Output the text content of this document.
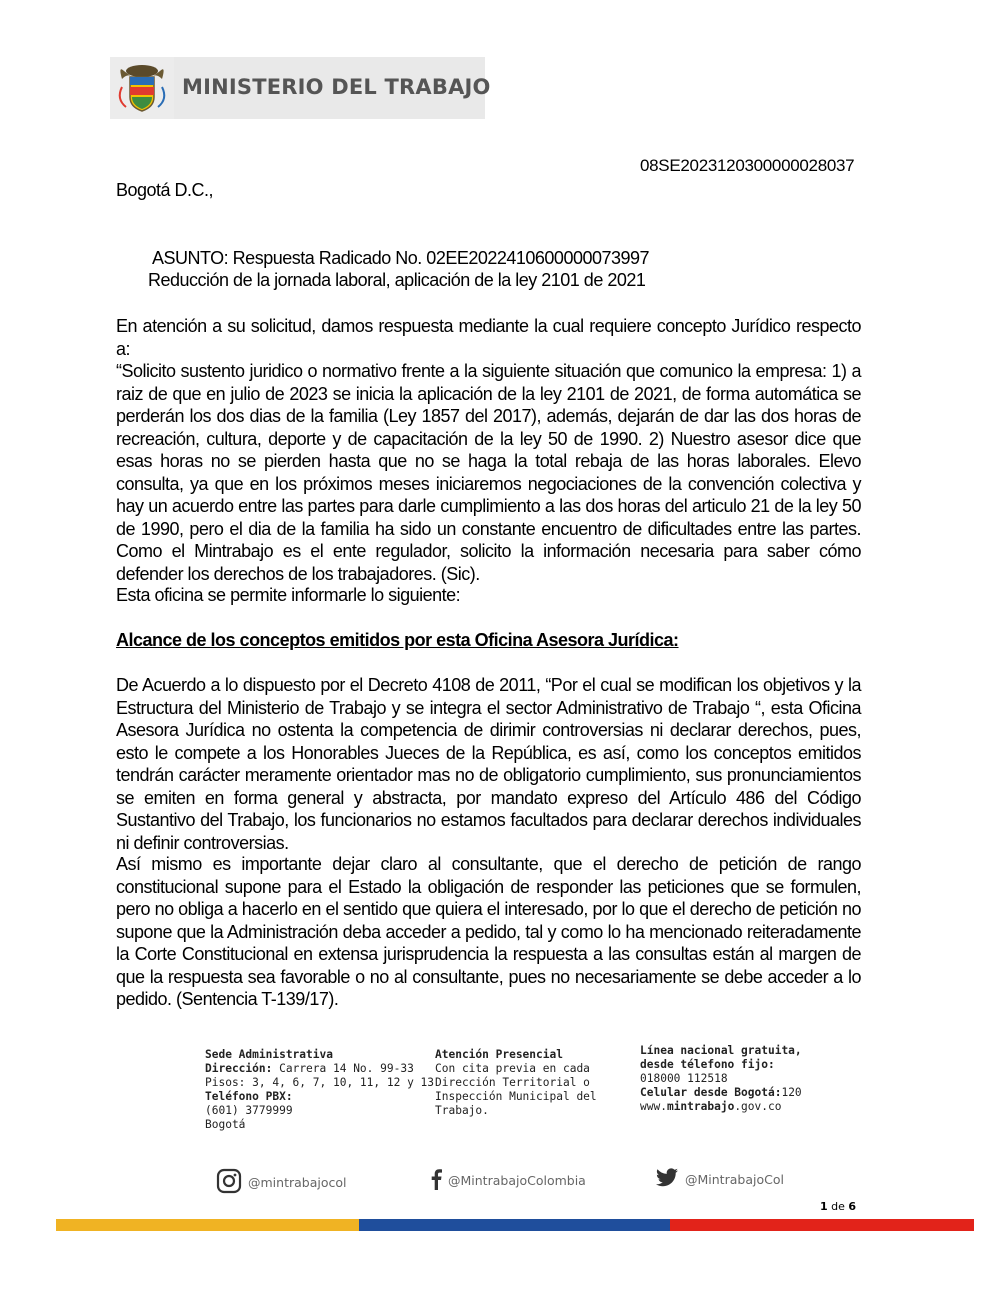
MINISTERIO DEL TRABAJO
08SE2023120300000028037
Bogotá D.C.,
ASUNTO: Respuesta Radicado No. 02EE2022410600000073997
Reducción de la jornada laboral, aplicación de la ley 2101 de 2021
En atención a su solicitud, damos respuesta mediante la cual requiere concepto Jurídico respecto a:
“Solicito sustento juridico o normativo frente a la siguiente situación que comunico la empresa: 1) a raiz de que en julio de 2023 se inicia la aplicación de la ley 2101 de 2021, de forma automática se perderán los dos dias de la familia (Ley 1857 del 2017), además, dejarán de dar las dos horas de recreación, cultura, deporte y de capacitación de la ley 50 de 1990. 2) Nuestro asesor dice que esas horas no se pierden hasta que no se haga la total rebaja de las horas laborales. Elevo consulta, ya que en los próximos meses iniciaremos negociaciones de la convención colectiva y hay un acuerdo entre las partes para darle cumplimiento a las dos horas del articulo 21 de la ley 50 de 1990, pero el dia de la familia ha sido un constante encuentro de dificultades entre las partes. Como el Mintrabajo es el ente regulador, solicito la información necesaria para saber cómo defender los derechos de los trabajadores. (Sic).
Esta oficina se permite informarle lo siguiente:
Alcance de los conceptos emitidos por esta Oficina Asesora Jurídica:
De Acuerdo a lo dispuesto por el Decreto 4108 de 2011, “Por el cual se modifican los objetivos y la Estructura del Ministerio de Trabajo y se integra el sector Administrativo de Trabajo “, esta Oficina Asesora Jurídica no ostenta la competencia de dirimir controversias ni declarar derechos, pues, esto le compete a los Honorables Jueces de la República, es así, como los conceptos emitidos tendrán carácter meramente orientador mas no de obligatorio cumplimiento, sus pronunciamientos se emiten en forma general y abstracta, por mandato expreso del Artículo 486 del Código Sustantivo del Trabajo, los funcionarios no estamos facultados para declarar derechos individuales ni definir controversias.
Así mismo es importante dejar claro al consultante, que el derecho de petición de rango constitucional supone para el Estado la obligación de responder las peticiones que se formulen, pero no obliga a hacerlo en el sentido que quiera el interesado, por lo que el derecho de petición no supone que la Administración deba acceder a pedido, tal y como lo ha mencionado reiteradamente la Corte Constitucional en extensa jurisprudencia la respuesta a las consultas están al margen de que la respuesta sea favorable o no al consultante, pues no necesariamente se debe acceder a lo pedido. (Sentencia T-139/17).
Sede Administrativa
Dirección: Carrera 14 No. 99-33
Pisos: 3, 4, 6, 7, 10, 11, 12 y 13
Teléfono PBX:
(601) 3779999
Bogotá
Atención Presencial
Con cita previa en cada
Dirección Territorial o
Inspección Municipal del
Trabajo.
Línea nacional gratuita,
desde télefono fijo:
018000 112518
Celular desde Bogotá:120
www.mintrabajo.gov.co
@mintrabajocol	@MintrabajoColombia	@MintrabajoCol
1 de 6
